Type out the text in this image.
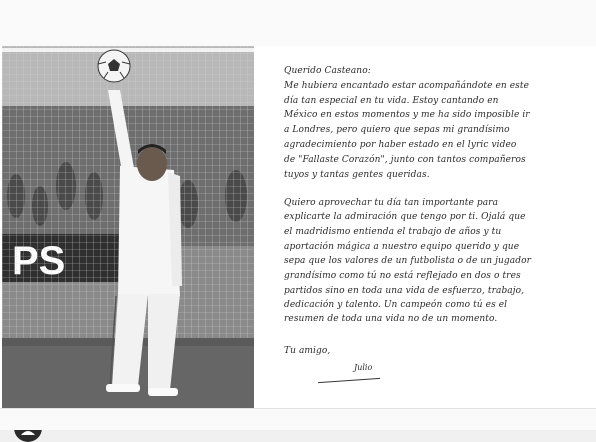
Querido Casteano:

Me hubiera encantado estar acompañándote en este

día tan especial en tu vida. Estoy cantando en

México en estos momentos y me ha sido imposible ir

a Londres, pero quiero que sepas mi grandísimo

agradecimiento por haber estado en el lyric video

de "Fallaste Corazón", junto con tantos compañeros

tuyos y tantas gentes queridas.

Quiero aprovechar tu día tan importante para

explicarte la admiración que tengo por ti. Ojalá que

el madridismo entienda el trabajo de años y tu

aportación mágica a nuestro equipo querido y que

sepa que los valores de un futbolista o de un jugador

grandísimo como tú no está reflejado en dos o tres

partidos sino en toda una vida de esfuerzo, trabajo,

dedicación y talento. Un campeón como tú es el

resumen de toda una vida no de un momento.

Tu amigo,

Julio
